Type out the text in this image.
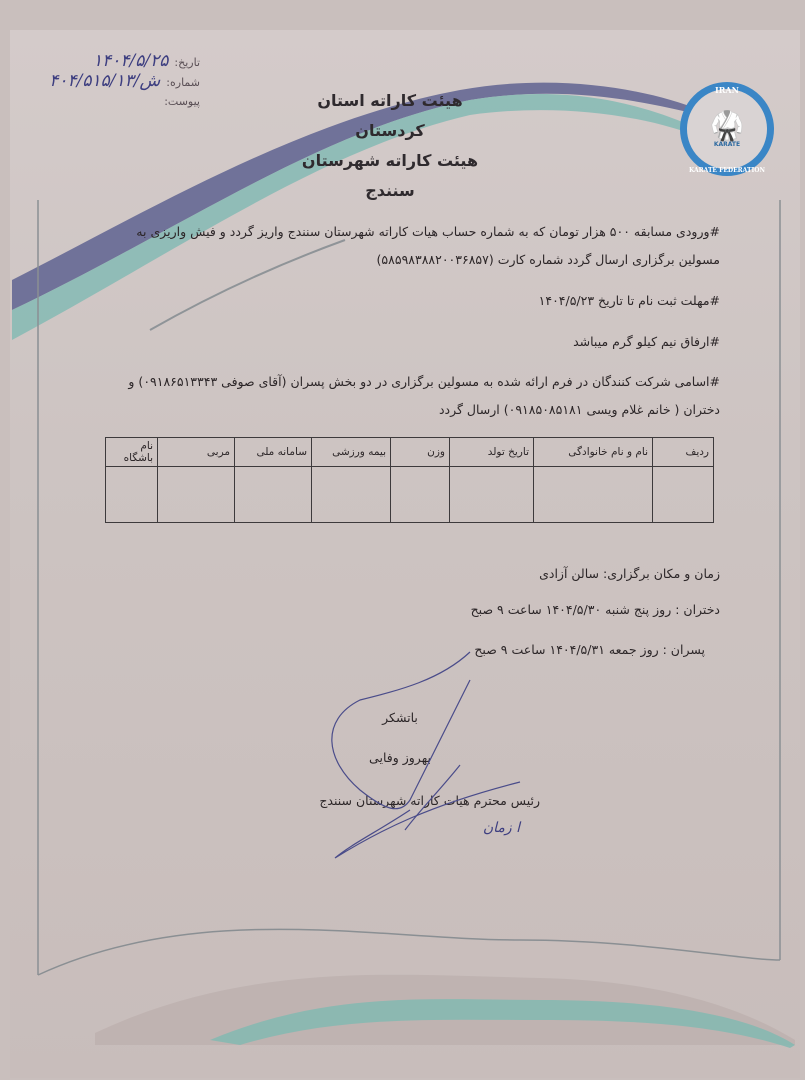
تاریخ:
۱۴۰۴/۵/۲۵
شماره:
۴۰۴/۵۱۵/ش/۱۳
پیوست:	هیئت کاراته استان کردستان
هیئت کاراته شهرستان سنندج
IRAN
🥋
KARATE
KARATE FEDERATION
#ورودی مسابقه ۵۰۰ هزار تومان که به شماره حساب هیات کاراته شهرستان سنندج واریز گردد و فیش واریزی به
مسولین برگزاری ارسال گردد شماره کارت (۵۸۵۹۸۳۸۸۲۰۰۳۶۸۵۷)
#مهلت ثبت نام تا تاریخ ۱۴۰۴/۵/۲۳
#ارفاق نیم کیلو گرم میباشد
#اسامی شرکت کنندگان در فرم ارائه شده به مسولین برگزاری در دو بخش پسران (آقای صوفی ۰۹۱۸۶۵۱۳۳۴۳) و
دختران ( خانم غلام ویسی ۰۹۱۸۵۰۸۵۱۸۱) ارسال گردد
ردیف	نام و نام خانوادگی	تاریخ تولد	وزن	بیمه ورزشی	سامانه ملی	مربی	نام باشگاه

زمان و مکان برگزاری: سالن آزادی
دختران : روز پنج شنبه ۱۴۰۴/۵/۳۰ ساعت ۹ صبح
پسران : روز جمعه ۱۴۰۴/۵/۳۱ ساعت ۹ صبح
باتشکر
بهروز وفایی
رئیس محترم هیات کاراته شهرستان سنندج
ا زمان
